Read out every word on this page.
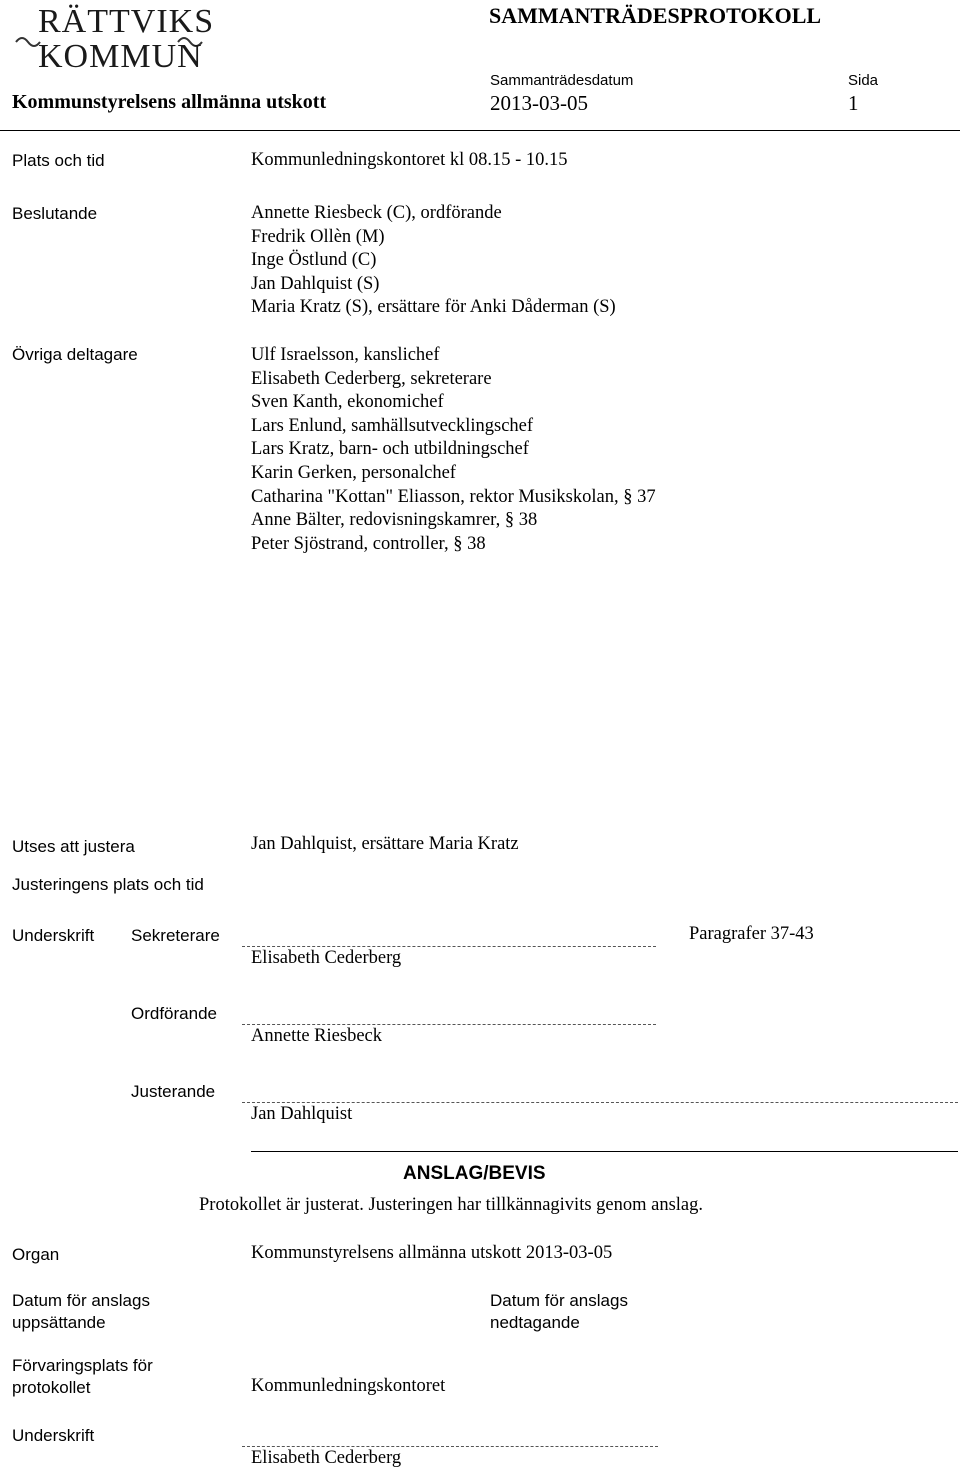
RÄTTVIKS
KOMMUN
SAMMANTRÄDESPROTOKOLL
Sammanträdesdatum	Sida
Kommunstyrelsens allmänna utskott	2013-03-05	1
Plats och tid	Kommunledningskontoret kl 08.15 - 10.15
Beslutande	Annette Riesbeck (C), ordförande
Fredrik Ollèn (M)
Inge Östlund (C)
Jan Dahlquist (S)
Maria Kratz (S), ersättare för Anki Dåderman (S)
Övriga deltagare	Ulf Israelsson, kanslichef
Elisabeth Cederberg, sekreterare
Sven Kanth, ekonomichef
Lars Enlund, samhällsutvecklingschef
Lars Kratz, barn- och utbildningschef
Karin Gerken, personalchef
Catharina "Kottan" Eliasson, rektor Musikskolan, § 37
Anne Bälter, redovisningskamrer, § 38
Peter Sjöstrand, controller, § 38
Utses att justera	Jan Dahlquist, ersättare Maria Kratz
Justeringens plats och tid
Underskrift Sekreterare
Elisabeth Cederberg
Paragrafer 37-43
Ordförande
Annette Riesbeck
Justerande
Jan Dahlquist
ANSLAG/BEVIS
Protokollet är justerat. Justeringen har tillkännagivits genom anslag.
Organ	Kommunstyrelsens allmänna utskott 2013-03-05
Datum för anslags
uppsättande
Datum för anslags
nedtagande
Förvaringsplats för
protokollet	Kommunledningskontoret
Underskrift
Elisabeth Cederberg
